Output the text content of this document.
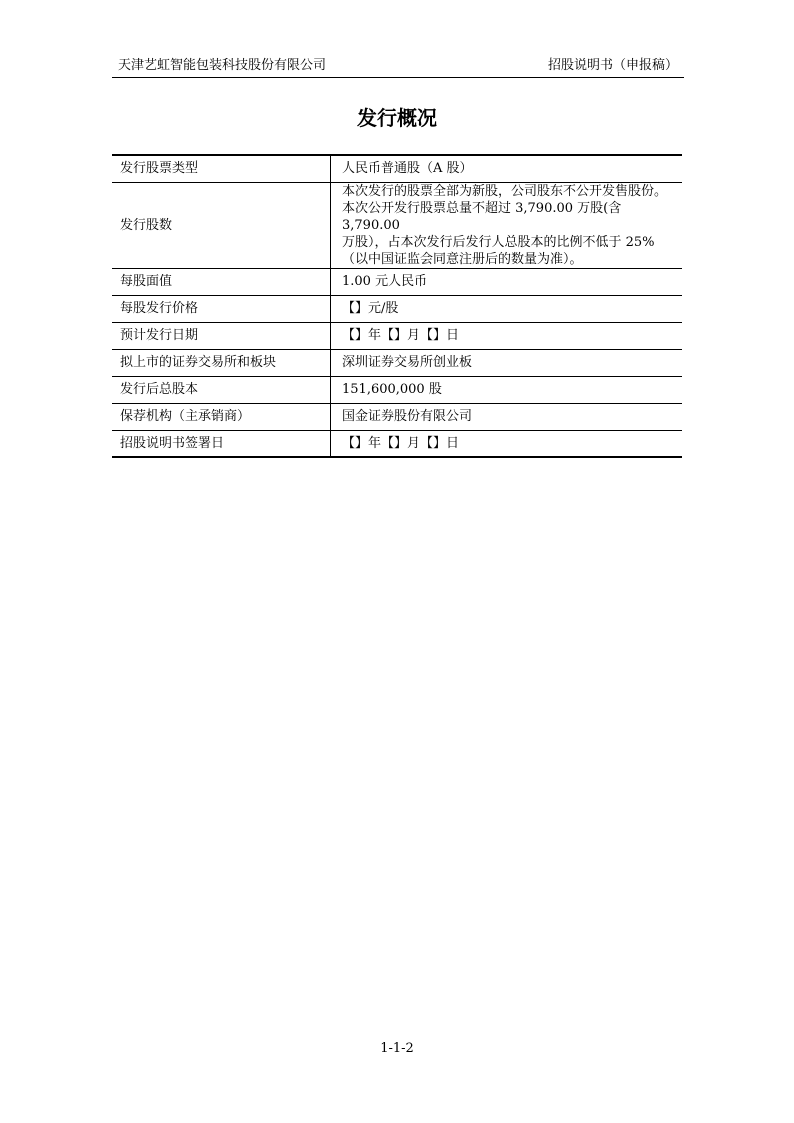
天津艺虹智能包装科技股份有限公司	招股说明书（申报稿）
发行概况
发行股票类型	人民币普通股（A 股）
发行股数	本次发行的股票全部为新股，公司股东不公开发售股份。
本次公开发行股票总量不超过 3,790.00 万股(含 3,790.00
万股），占本次发行后发行人总股本的比例不低于 25%
（以中国证监会同意注册后的数量为准）。

每股面值	1.00 元人民币
每股发行价格	【】元/股
预计发行日期	【】年【】月【】日
拟上市的证券交易所和板块	深圳证券交易所创业板
发行后总股本	151,600,000 股
保荐机构（主承销商）	国金证券股份有限公司
招股说明书签署日	【】年【】月【】日
1-1-2
